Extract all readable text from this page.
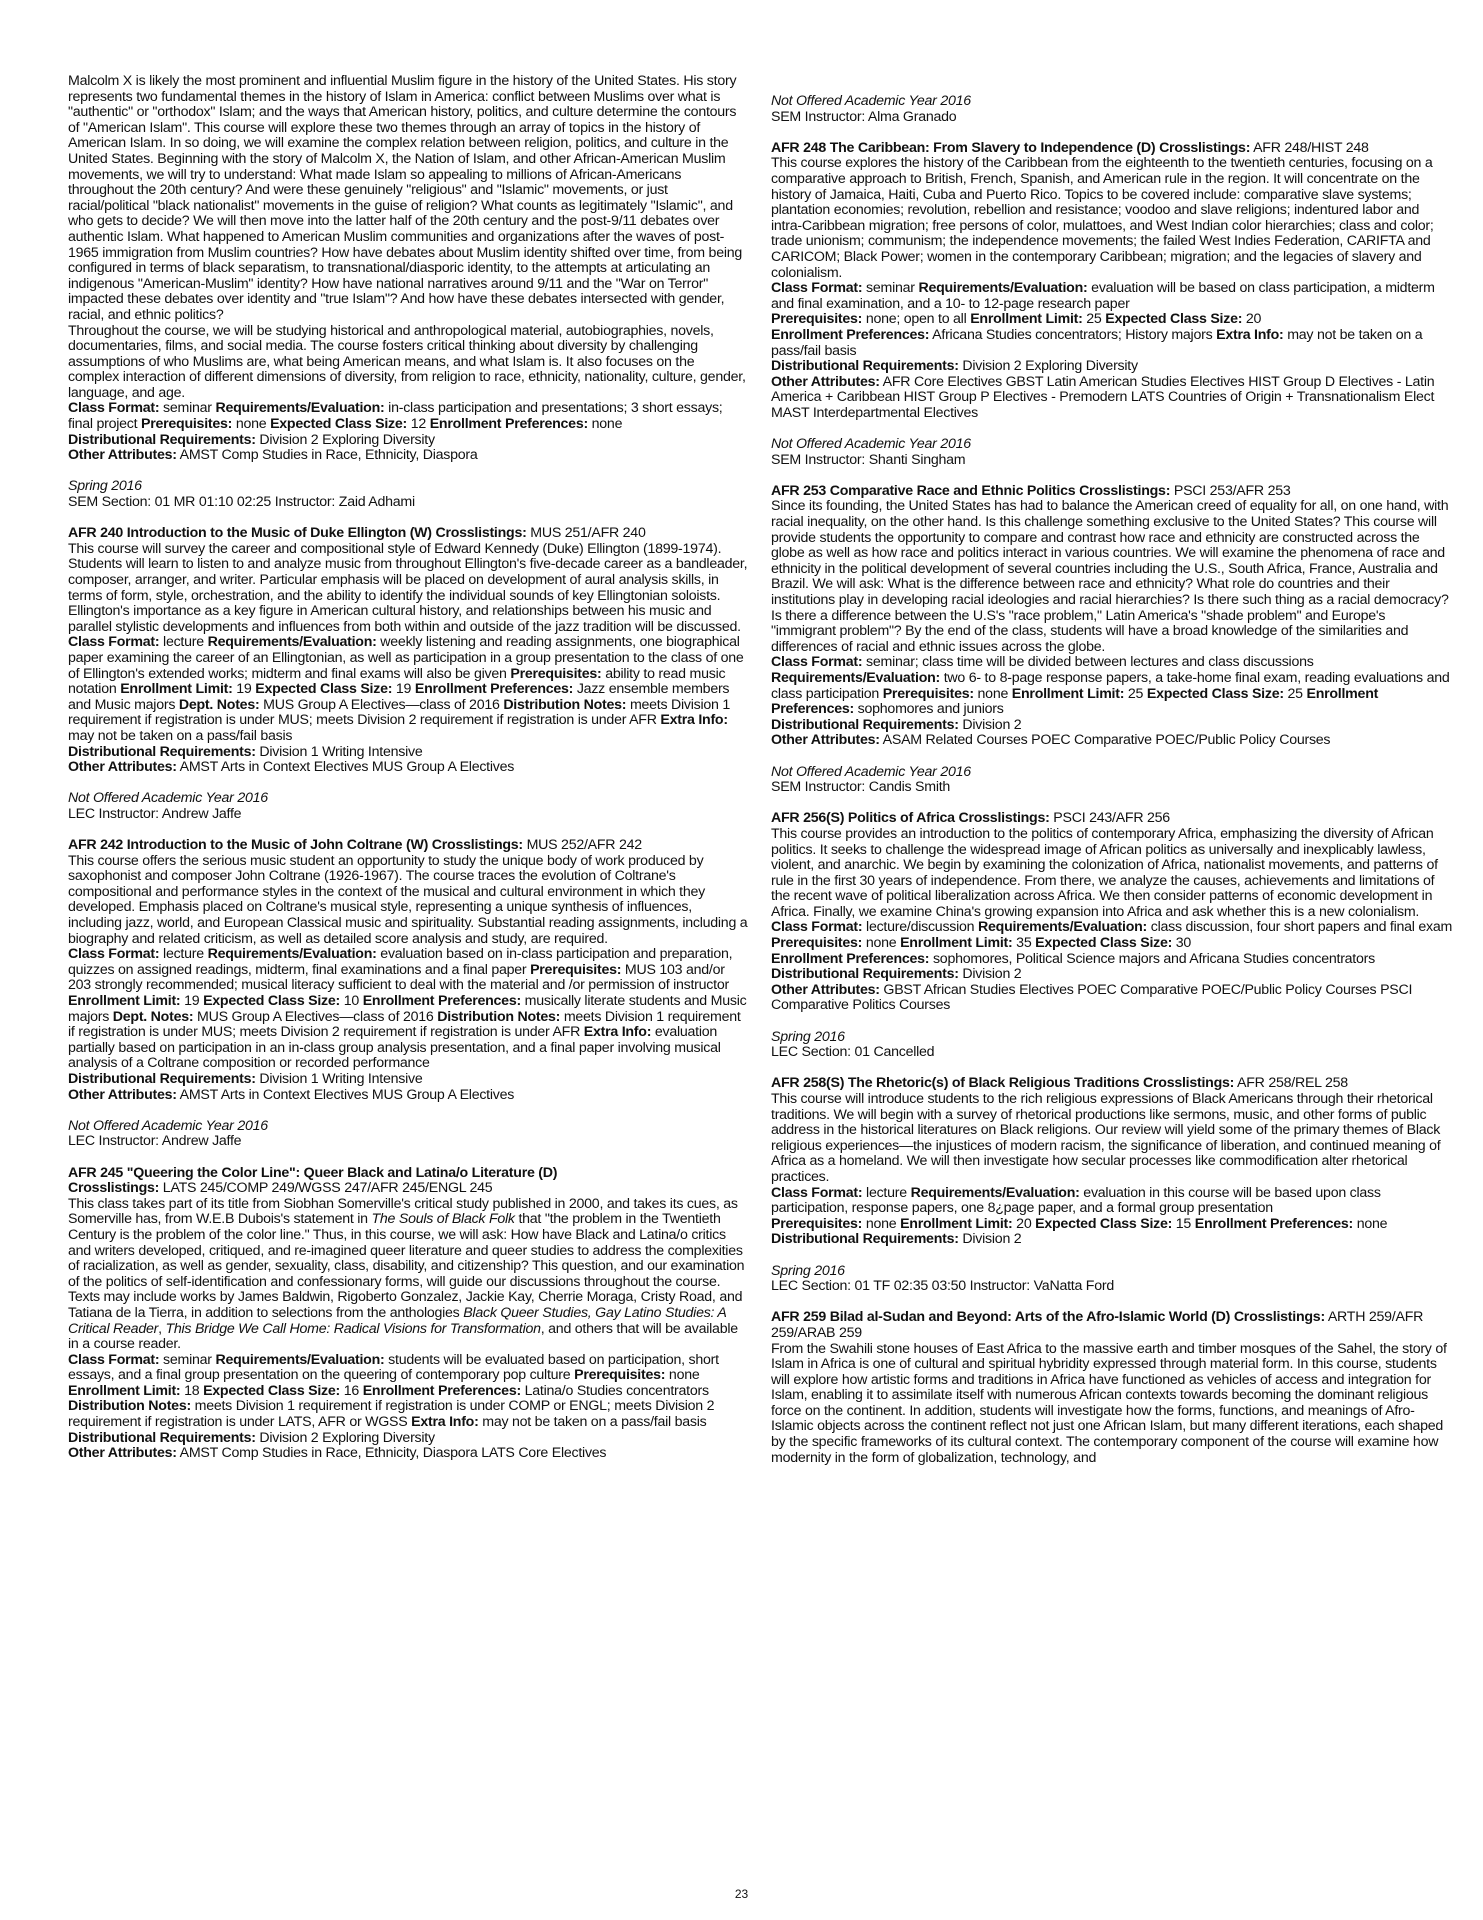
Malcolm X is likely the most prominent and influential Muslim figure in the history of the United States. His story represents two fundamental themes in the history of Islam in America: conflict between Muslims over what is "authentic" or "orthodox" Islam; and the ways that American history, politics, and culture determine the contours of "American Islam". This course will explore these two themes through an array of topics in the history of American Islam. In so doing, we will examine the complex relation between religion, politics, and culture in the United States. Beginning with the story of Malcolm X, the Nation of Islam, and other African-American Muslim movements, we will try to understand: What made Islam so appealing to millions of African-Americans throughout the 20th century? And were these genuinely "religious" and "Islamic" movements, or just racial/political "black nationalist" movements in the guise of religion? What counts as legitimately "Islamic", and who gets to decide? We will then move into the latter half of the 20th century and the post-9/11 debates over authentic Islam. What happened to American Muslim communities and organizations after the waves of post-1965 immigration from Muslim countries? How have debates about Muslim identity shifted over time, from being configured in terms of black separatism, to transnational/diasporic identity, to the attempts at articulating an indigenous "American-Muslim" identity? How have national narratives around 9/11 and the "War on Terror" impacted these debates over identity and "true Islam"? And how have these debates intersected with gender, racial, and ethnic politics?

Throughout the course, we will be studying historical and anthropological material, autobiographies, novels, documentaries, films, and social media. The course fosters critical thinking about diversity by challenging assumptions of who Muslims are, what being American means, and what Islam is. It also focuses on the complex interaction of different dimensions of diversity, from religion to race, ethnicity, nationality, culture, gender, language, and age.

Class Format: seminar Requirements/Evaluation: in-class participation and presentations; 3 short essays; final project Prerequisites: none Expected Class Size: 12 Enrollment Preferences: none

Distributional Requirements: Division 2 Exploring Diversity

Other Attributes: AMST Comp Studies in Race, Ethnicity, Diaspora

Spring 2016

SEM Section: 01 MR 01:10 02:25 Instructor: Zaid Adhami

AFR 240 Introduction to the Music of Duke Ellington (W) Crosslistings: MUS 251/AFR 240

This course will survey the career and compositional style of Edward Kennedy (Duke) Ellington (1899-1974). Students will learn to listen to and analyze music from throughout Ellington's five-decade career as a bandleader, composer, arranger, and writer. Particular emphasis will be placed on development of aural analysis skills, in terms of form, style, orchestration, and the ability to identify the individual sounds of key Ellingtonian soloists. Ellington's importance as a key figure in American cultural history, and relationships between his music and parallel stylistic developments and influences from both within and outside of the jazz tradition will be discussed.

Class Format: lecture Requirements/Evaluation: weekly listening and reading assignments, one biographical paper examining the career of an Ellingtonian, as well as participation in a group presentation to the class of one of Ellington's extended works; midterm and final exams will also be given Prerequisites: ability to read music notation Enrollment Limit: 19 Expected Class Size: 19 Enrollment Preferences: Jazz ensemble members and Music majors Dept. Notes: MUS Group A Electives—class of 2016 Distribution Notes: meets Division 1 requirement if registration is under MUS; meets Division 2 requirement if registration is under AFR Extra Info: may not be taken on a pass/fail basis

Distributional Requirements: Division 1 Writing Intensive

Other Attributes: AMST Arts in Context Electives MUS Group A Electives

Not Offered Academic Year 2016

LEC Instructor: Andrew Jaffe

AFR 242 Introduction to the Music of John Coltrane (W) Crosslistings: MUS 252/AFR 242

This course offers the serious music student an opportunity to study the unique body of work produced by saxophonist and composer John Coltrane (1926-1967). The course traces the evolution of Coltrane's compositional and performance styles in the context of the musical and cultural environment in which they developed. Emphasis placed on Coltrane's musical style, representing a unique synthesis of influences, including jazz, world, and European Classical music and spirituality. Substantial reading assignments, including a biography and related criticism, as well as detailed score analysis and study, are required.

Class Format: lecture Requirements/Evaluation: evaluation based on in-class participation and preparation, quizzes on assigned readings, midterm, final examinations and a final paper Prerequisites: MUS 103 and/or 203 strongly recommended; musical literacy sufficient to deal with the material and /or permission of instructor Enrollment Limit: 19 Expected Class Size: 10 Enrollment Preferences: musically literate students and Music majors Dept. Notes: MUS Group A Electives—class of 2016 Distribution Notes: meets Division 1 requirement if registration is under MUS; meets Division 2 requirement if registration is under AFR Extra Info: evaluation partially based on participation in an in-class group analysis presentation, and a final paper involving musical analysis of a Coltrane composition or recorded performance

Distributional Requirements: Division 1 Writing Intensive

Other Attributes: AMST Arts in Context Electives MUS Group A Electives

Not Offered Academic Year 2016

LEC Instructor: Andrew Jaffe

AFR 245 "Queering the Color Line": Queer Black and Latina/o Literature (D)

Crosslistings: LATS 245/COMP 249/WGSS 247/AFR 245/ENGL 245

This class takes part of its title from Siobhan Somerville's critical study published in 2000, and takes its cues, as Somerville has, from W.E.B Dubois's statement in The Souls of Black Folk that "the problem in the Twentieth Century is the problem of the color line." Thus, in this course, we will ask: How have Black and Latina/o critics and writers developed, critiqued, and re-imagined queer literature and queer studies to address the complexities of racialization, as well as gender, sexuality, class, disability, and citizenship? This question, and our examination of the politics of self-identification and confessionary forms, will guide our discussions throughout the course. Texts may include works by James Baldwin, Rigoberto Gonzalez, Jackie Kay, Cherrie Moraga, Cristy Road, and Tatiana de la Tierra, in addition to selections from the anthologies Black Queer Studies, Gay Latino Studies: A Critical Reader, This Bridge We Call Home: Radical Visions for Transformation, and others that will be available in a course reader.

Class Format: seminar Requirements/Evaluation: students will be evaluated based on participation, short essays, and a final group presentation on the queering of contemporary pop culture Prerequisites: none Enrollment Limit: 18 Expected Class Size: 16 Enrollment Preferences: Latina/o Studies concentrators Distribution Notes: meets Division 1 requirement if registration is under COMP or ENGL; meets Division 2 requirement if registration is under LATS, AFR or WGSS Extra Info: may not be taken on a pass/fail basis

Distributional Requirements: Division 2 Exploring Diversity

Other Attributes: AMST Comp Studies in Race, Ethnicity, Diaspora LATS Core Electives

Not Offered Academic Year 2016

SEM Instructor: Alma Granado

AFR 248 The Caribbean: From Slavery to Independence (D) Crosslistings: AFR 248/HIST 248

This course explores the history of the Caribbean from the eighteenth to the twentieth centuries, focusing on a comparative approach to British, French, Spanish, and American rule in the region. It will concentrate on the history of Jamaica, Haiti, Cuba and Puerto Rico. Topics to be covered include: comparative slave systems; plantation economies; revolution, rebellion and resistance; voodoo and slave religions; indentured labor and intra-Caribbean migration; free persons of color, mulattoes, and West Indian color hierarchies; class and color; trade unionism; communism; the independence movements; the failed West Indies Federation, CARIFTA and CARICOM; Black Power; women in the contemporary Caribbean; migration; and the legacies of slavery and colonialism.

Class Format: seminar Requirements/Evaluation: evaluation will be based on class participation, a midterm and final examination, and a 10- to 12-page research paper

Prerequisites: none; open to all Enrollment Limit: 25 Expected Class Size: 20

Enrollment Preferences: Africana Studies concentrators; History majors Extra Info: may not be taken on a pass/fail basis

Distributional Requirements: Division 2 Exploring Diversity

Other Attributes: AFR Core Electives GBST Latin American Studies Electives HIST Group D Electives - Latin America + Caribbean HIST Group P Electives - Premodern LATS Countries of Origin + Transnationalism Elect MAST Interdepartmental Electives

Not Offered Academic Year 2016

SEM Instructor: Shanti Singham

AFR 253 Comparative Race and Ethnic Politics Crosslistings: PSCI 253/AFR 253

Since its founding, the United States has had to balance the American creed of equality for all, on one hand, with racial inequality, on the other hand. Is this challenge something exclusive to the United States? This course will provide students the opportunity to compare and contrast how race and ethnicity are constructed across the globe as well as how race and politics interact in various countries. We will examine the phenomena of race and ethnicity in the political development of several countries including the U.S., South Africa, France, Australia and Brazil. We will ask: What is the difference between race and ethnicity? What role do countries and their institutions play in developing racial ideologies and racial hierarchies? Is there such thing as a racial democracy? Is there a difference between the U.S's "race problem," Latin America's "shade problem" and Europe's "immigrant problem"? By the end of the class, students will have a broad knowledge of the similarities and differences of racial and ethnic issues across the globe.

Class Format: seminar; class time will be divided between lectures and class discussions

Requirements/Evaluation: two 6- to 8-page response papers, a take-home final exam, reading evaluations and class participation Prerequisites: none Enrollment Limit: 25 Expected Class Size: 25 Enrollment Preferences: sophomores and juniors

Distributional Requirements: Division 2

Other Attributes: ASAM Related Courses POEC Comparative POEC/Public Policy Courses

Not Offered Academic Year 2016

SEM Instructor: Candis Smith

AFR 256(S) Politics of Africa Crosslistings: PSCI 243/AFR 256

This course provides an introduction to the politics of contemporary Africa, emphasizing the diversity of African politics. It seeks to challenge the widespread image of African politics as universally and inexplicably lawless, violent, and anarchic. We begin by examining the colonization of Africa, nationalist movements, and patterns of rule in the first 30 years of independence. From there, we analyze the causes, achievements and limitations of the recent wave of political liberalization across Africa. We then consider patterns of economic development in Africa. Finally, we examine China's growing expansion into Africa and ask whether this is a new colonialism.

Class Format: lecture/discussion Requirements/Evaluation: class discussion, four short papers and final exam Prerequisites: none Enrollment Limit: 35 Expected Class Size: 30

Enrollment Preferences: sophomores, Political Science majors and Africana Studies concentrators

Distributional Requirements: Division 2

Other Attributes: GBST African Studies Electives POEC Comparative POEC/Public Policy Courses PSCI Comparative Politics Courses

Spring 2016

LEC Section: 01 Cancelled

AFR 258(S) The Rhetoric(s) of Black Religious Traditions Crosslistings: AFR 258/REL 258

This course will introduce students to the rich religious expressions of Black Americans through their rhetorical traditions. We will begin with a survey of rhetorical productions like sermons, music, and other forms of public address in the historical literatures on Black religions. Our review will yield some of the primary themes of Black religious experiences—the injustices of modern racism, the significance of liberation, and continued meaning of Africa as a homeland. We will then investigate how secular processes like commodification alter rhetorical practices.

Class Format: lecture Requirements/Evaluation: evaluation in this course will be based upon class participation, response papers, one 8¿page paper, and a formal group presentation

Prerequisites: none Enrollment Limit: 20 Expected Class Size: 15 Enrollment Preferences: none

Distributional Requirements: Division 2

Spring 2016

LEC Section: 01 TF 02:35 03:50 Instructor: VaNatta Ford

AFR 259 Bilad al-Sudan and Beyond: Arts of the Afro-Islamic World (D) Crosslistings: ARTH 259/AFR 259/ARAB 259

From the Swahili stone houses of East Africa to the massive earth and timber mosques of the Sahel, the story of Islam in Africa is one of cultural and spiritual hybridity expressed through material form. In this course, students will explore how artistic forms and traditions in Africa have functioned as vehicles of access and integration for Islam, enabling it to assimilate itself with numerous African contexts towards becoming the dominant religious force on the continent. In addition, students will investigate how the forms, functions, and meanings of Afro-Islamic objects across the continent reflect not just one African Islam, but many different iterations, each shaped by the specific frameworks of its cultural context. The contemporary component of the course will examine how modernity in the form of globalization, technology, and

23
